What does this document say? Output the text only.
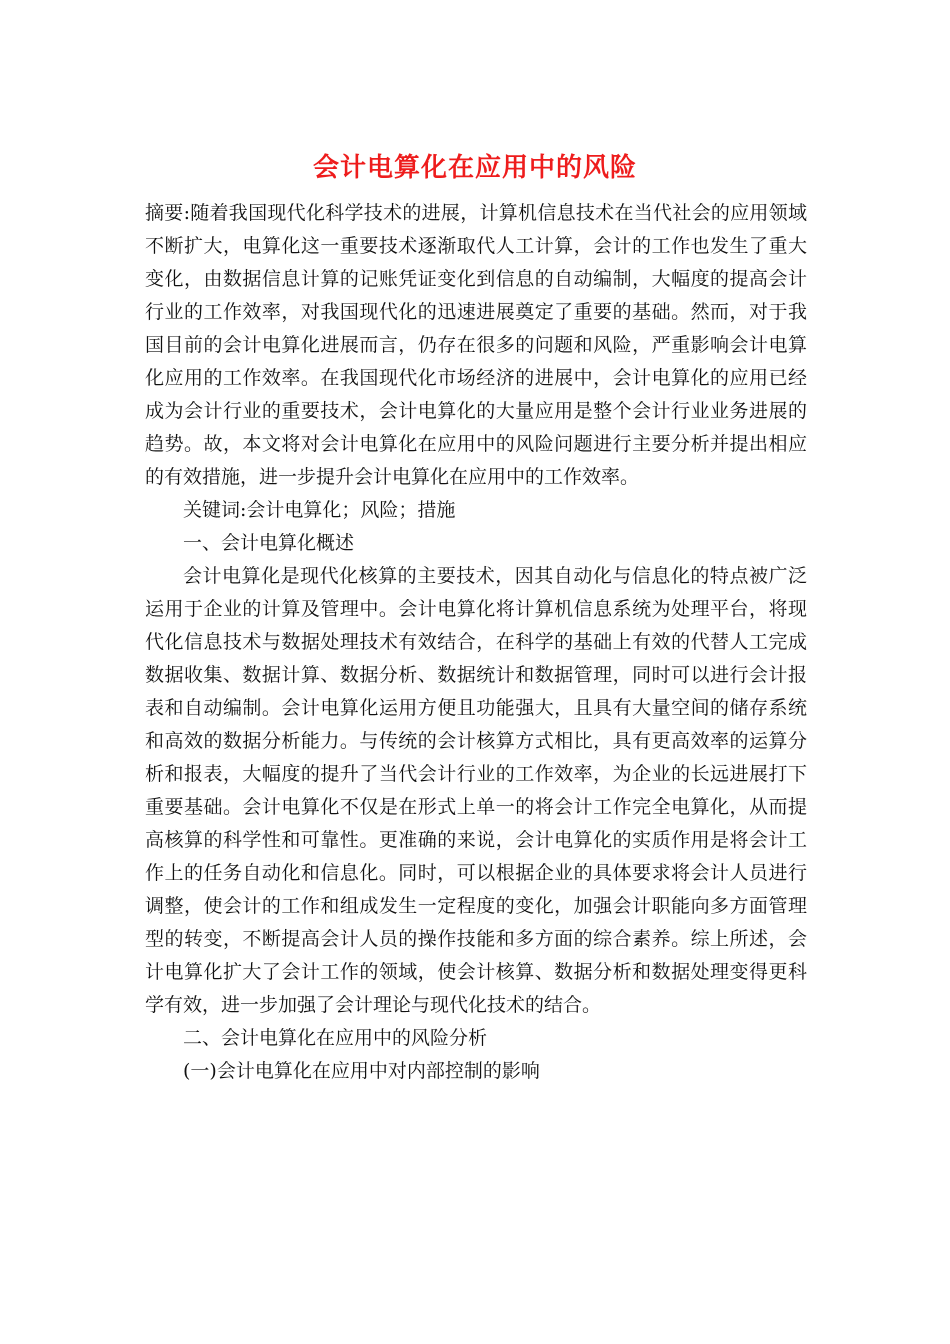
会计电算化在应用中的风险

摘要:随着我国现代化科学技术的进展，计算机信息技术在当代社会的应用领域不断扩大，电算化这一重要技术逐渐取代人工计算，会计的工作也发生了重大变化，由数据信息计算的记账凭证变化到信息的自动编制，大幅度的提高会计行业的工作效率，对我国现代化的迅速进展奠定了重要的基础。然而，对于我国目前的会计电算化进展而言，仍存在很多的问题和风险，严重影响会计电算化应用的工作效率。在我国现代化市场经济的进展中，会计电算化的应用已经成为会计行业的重要技术，会计电算化的大量应用是整个会计行业业务进展的趋势。故，本文将对会计电算化在应用中的风险问题进行主要分析并提出相应的有效措施，进一步提升会计电算化在应用中的工作效率。

关键词:会计电算化；风险；措施

一、会计电算化概述

会计电算化是现代化核算的主要技术，因其自动化与信息化的特点被广泛运用于企业的计算及管理中。会计电算化将计算机信息系统为处理平台，将现代化信息技术与数据处理技术有效结合，在科学的基础上有效的代替人工完成数据收集、数据计算、数据分析、数据统计和数据管理，同时可以进行会计报表和自动编制。会计电算化运用方便且功能强大，且具有大量空间的储存系统和高效的数据分析能力。与传统的会计核算方式相比，具有更高效率的运算分析和报表，大幅度的提升了当代会计行业的工作效率，为企业的长远进展打下重要基础。会计电算化不仅是在形式上单一的将会计工作完全电算化，从而提高核算的科学性和可靠性。更准确的来说，会计电算化的实质作用是将会计工作上的任务自动化和信息化。同时，可以根据企业的具体要求将会计人员进行调整，使会计的工作和组成发生一定程度的变化，加强会计职能向多方面管理型的转变，不断提高会计人员的操作技能和多方面的综合素养。综上所述，会计电算化扩大了会计工作的领域，使会计核算、数据分析和数据处理变得更科学有效，进一步加强了会计理论与现代化技术的结合。

二、会计电算化在应用中的风险分析

(一)会计电算化在应用中对内部控制的影响
